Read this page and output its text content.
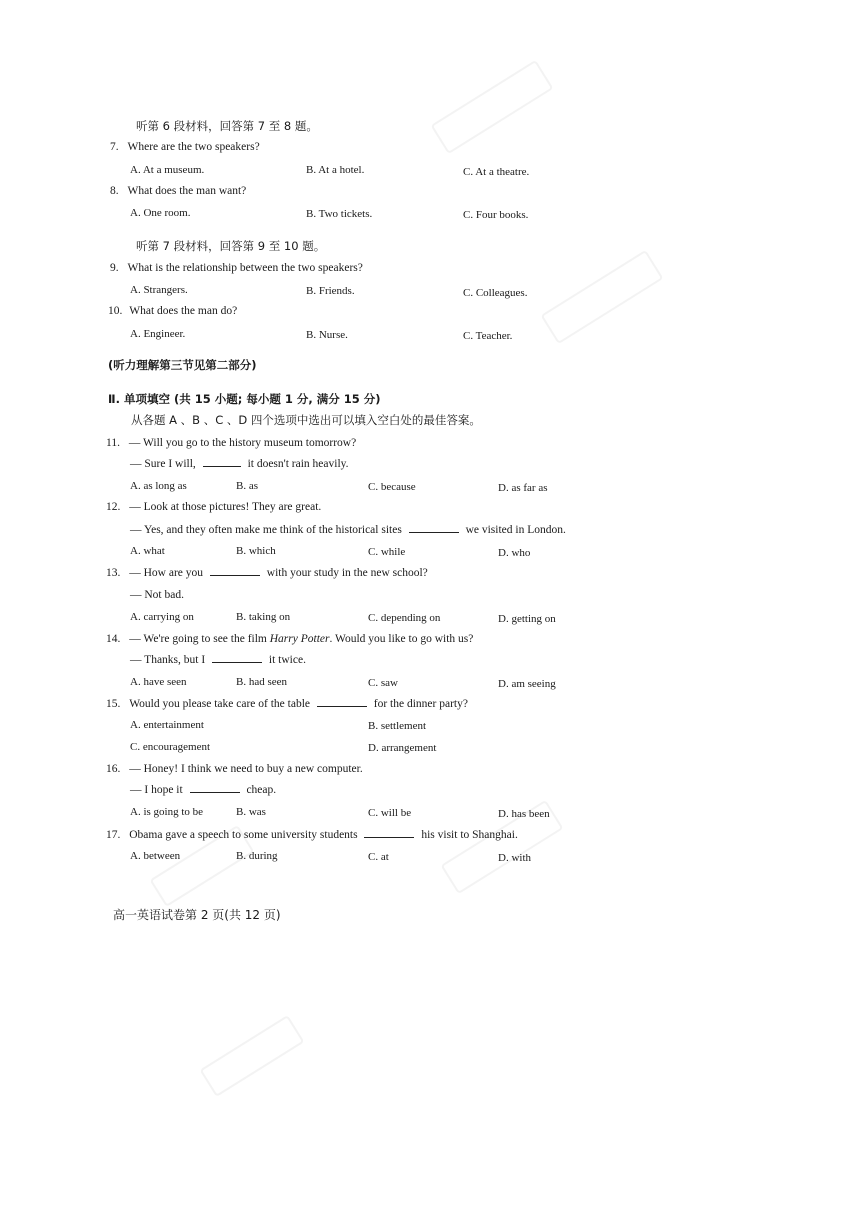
听第 6 段材料，回答第 7 至 8 题。
7. Where are the two speakers?
A. At a museum.	B. At a hotel.	C. At a theatre.
8. What does the man want?
A. One room.	B. Two tickets.	C. Four books.
听第 7 段材料，回答第 9 至 10 题。
9. What is the relationship between the two speakers?
A. Strangers.	B. Friends.	C. Colleagues.
10. What does the man do?
A. Engineer.	B. Nurse.	C. Teacher.
(听力理解第三节见第二部分)
Ⅱ. 单项填空 (共 15 小题; 每小题 1 分, 满分 15 分)
从各题 A 、B 、C 、D 四个选项中选出可以填入空白处的最佳答案。
11. — Will you go to the history museum tomorrow?
— Sure I will,	it doesn't rain heavily.
A. as long as	B. as	C. because	D. as far as
12. — Look at those pictures! They are great.
— Yes, and they often make me think of the historical sites	we visited in London.
A. what	B. which	C. while	D. who
13. — How are you	with your study in the new school?
— Not bad.
A. carrying on	B. taking on	C. depending on	D. getting on
14. — We're going to see the film Harry Potter. Would you like to go with us?
— Thanks, but I	it twice.
A. have seen	B. had seen	C. saw	D. am seeing
15. Would you please take care of the table	for the dinner party?
A. entertainment	B. settlement
C. encouragement	D. arrangement
16. — Honey! I think we need to buy a new computer.
— I hope it	cheap.
A. is going to be	B. was	C. will be	D. has been
17. Obama gave a speech to some university students	his visit to Shanghai.
A. between	B. during	C. at	D. with
高一英语试卷第 2 页(共 12 页)
